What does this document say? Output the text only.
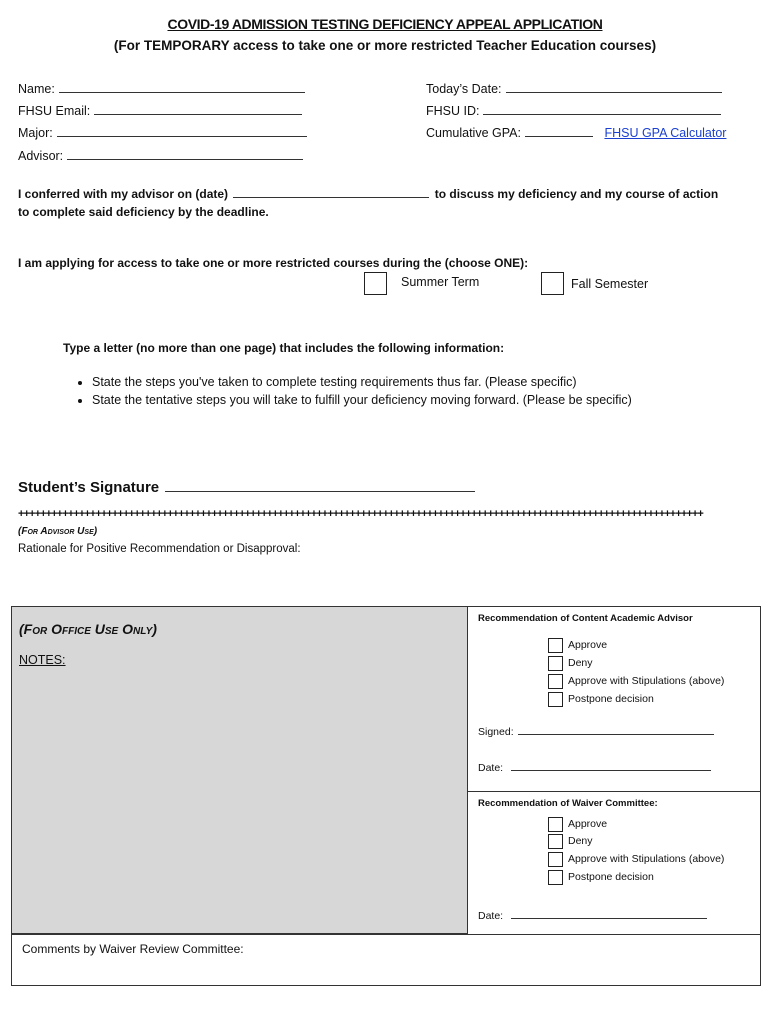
COVID-19 ADMISSION TESTING DEFICIENCY APPEAL APPLICATION
(For TEMPORARY access to take one or more restricted Teacher Education courses)
Name:
FHSU Email:
Major:
Advisor:
Today’s Date:
FHSU ID:
Cumulative GPA:	FHSU GPA Calculator
I conferred with my advisor on (date)	to discuss my deficiency and my course of action
to complete said deficiency by the deadline.
I am applying for access to take one or more restricted courses during the (choose ONE):
Summer Term	Fall Semester
Type a letter (no more than one page) that includes the following information:
• State the steps you've taken to complete testing requirements thus far. (Please specific)
• State the tentative steps you will take to fulfill your deficiency moving forward. (Please be specific)
Student’s Signature
++++++++++++++++++++++++++++++++++++++++++++++++++++++++++++++++++++++++++++++++++++++++++++++++++++++++++++++++++++++++++++
(For Advisor Use)
Rationale for Positive Recommendation or Disapproval:
(For Office Use Only)
NOTES:
Recommendation of Content Academic Advisor
Approve
Deny
Approve with Stipulations (above)
Postpone decision
Signed:
Date:
Recommendation of Waiver Committee:
Approve
Deny
Approve with Stipulations (above)
Postpone decision
Date:
Comments by Waiver Review Committee:
